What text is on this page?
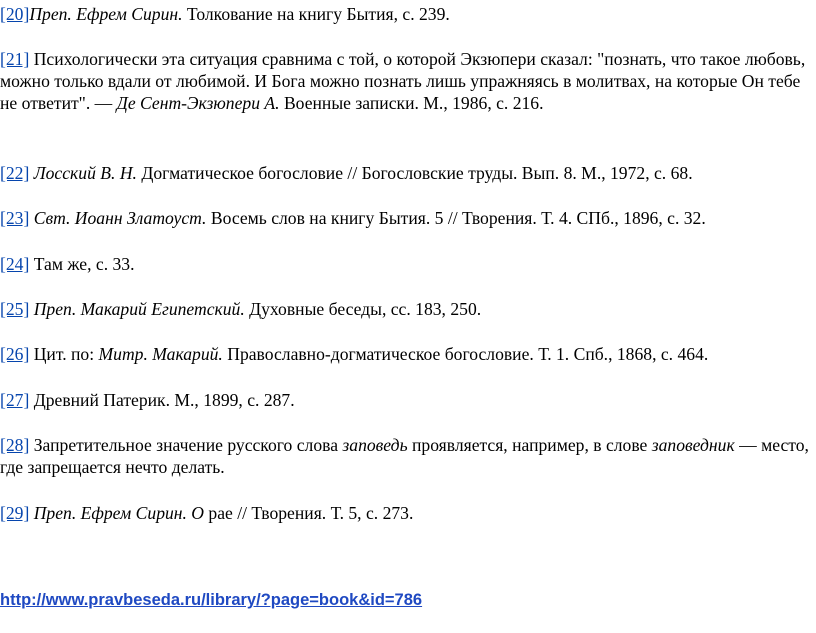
[20]Преп. Ефрем Сирин. Толкование на книгу Бытия, с. 239.

[21] Психологически эта ситуация сравнима с той, о которой Экзюпери сказал: "познать, что такое любовь, можно только вдали от любимой. И Бога можно познать лишь упражняясь в молитвах, на которые Он тебе не ответит". — Де Сент-Экзюпери А. Военные записки. М., 1986, с. 216.

[22] Лосский В. Н. Догматическое богословие // Богословские труды. Вып. 8. М., 1972, с. 68.

[23] Свт. Иоанн Златоуст. Восемь слов на книгу Бытия. 5 // Творения. Т. 4. СПб., 1896, с. 32.

[24] Там же, с. 33.

[25] Преп. Макарий Египетский. Духовные беседы, сс. 183, 250.

[26] Цит. по: Митр. Макарий. Православно-догматическое богословие. Т. 1. Спб., 1868, с. 464.

[27] Древний Патерик. М., 1899, с. 287.

[28] Запретительное значение русского слова заповедь проявляется, например, в слове заповедник — место, где запрещается нечто делать.

[29] Преп. Ефрем Сирин. О рае // Творения. Т. 5, с. 273.

http://www.pravbeseda.ru/library/?page=book&id=786
